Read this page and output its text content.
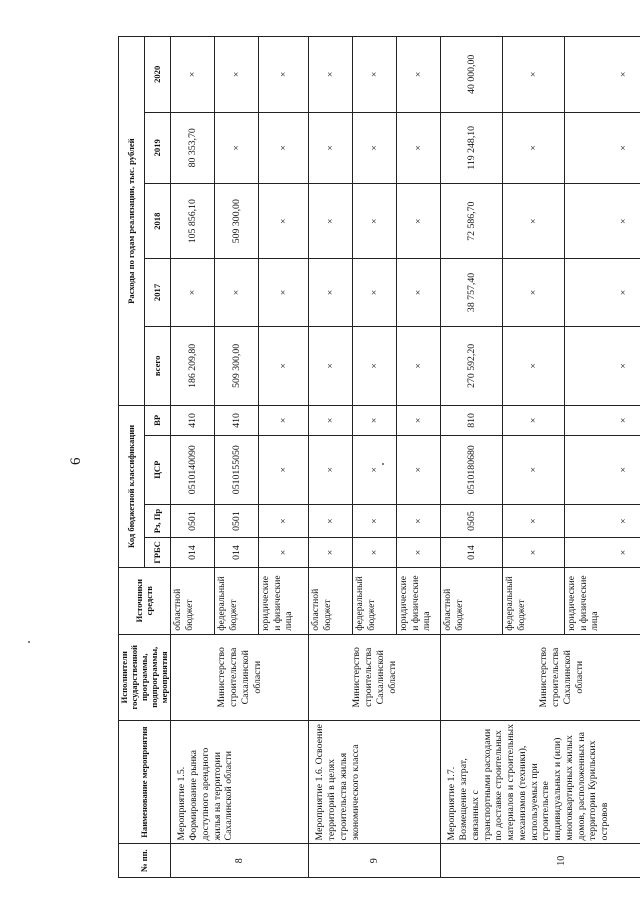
6
№ пп.	Наименование мероприятия	Исполнители государственной программы, подпрограммы, мероприятия	Источники средств	Код бюджетной классификации				Расходы по годам реализации, тыс. рублей				
				ГРБС	Рз, Пр	ЦСР	ВР	всего	2017	2018	2019	2020
8	Мероприятие 1.5. Формирование рынка доступного арендного жилья на территории Сахалинской области	Министерство строительства Сахалинской области	областной бюджет	014	0501	0510140090	410	186 209,80	×	105 856,10	80 353,70	×
			федеральный бюджет	014	0501	0510155050	410	509 300,00	×	509 300,00	×	×
			юридические и физические лица	×	×	×	×	×	×	×	×	×
9	Мероприятие 1.6. Освоение территорий в целях строительства жилья экономического класса	Министерство строительства Сахалинской области	областной бюджет	×	×	×	×	×	×	×	×	×
			федеральный бюджет	×	×	×	×	×	×	×	×	×
			юридические и физические лица	×	×	×	×	×	×	×	×	×
10	Мероприятие 1.7. Возмещение затрат, связанных с транспортными расходами по доставке строительных материалов и строительных механизмов (техники), используемых при строительстве индивидуальных и (или) многоквартирных жилых домов, расположенных на территории Курильских островов	Министерство строительства Сахалинской области	областной бюджет	014	0505	0510180680	810	270 592,20	38 757,40	72 586,70	119 248,10	40 000,00
			федеральный бюджет	×	×	×	×	×	×	×	×	×
			юридические и физические лица	×	×	×	×	×	×	×	×	×
